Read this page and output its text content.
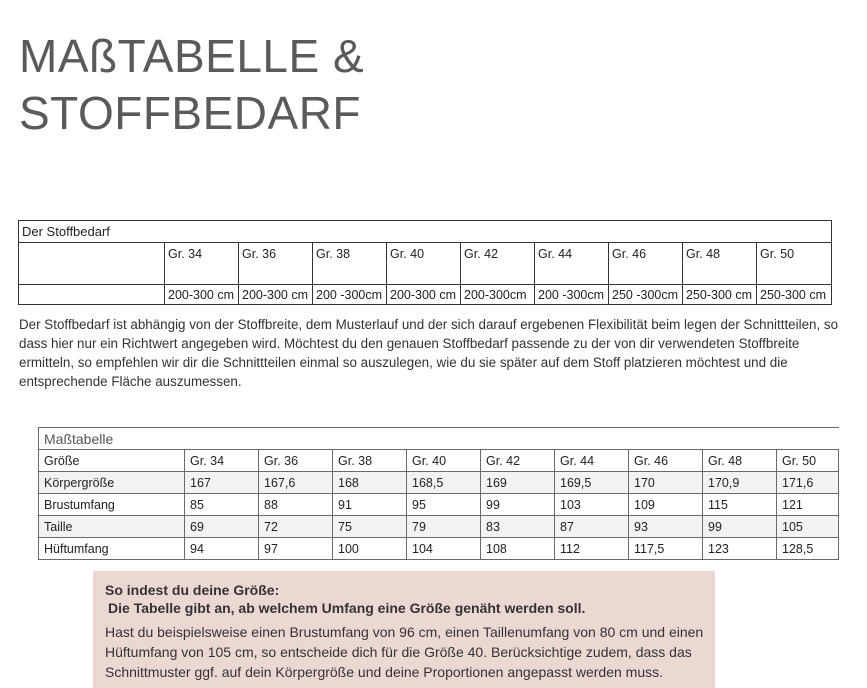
MAßTABELLE &
STOFFBEDARF
Der Stoffbedarf									
	Gr. 34	Gr. 36	Gr. 38	Gr. 40	Gr. 42	Gr. 44	Gr. 46	Gr. 48	Gr. 50
	200-300 cm	200-300 cm	200 -300cm	200-300 cm	200-300cm	200 -300cm	250 -300cm	250-300 cm	250-300 cm

Der Stoffbedarf ist abhängig von der Stoffbreite, dem Musterlauf und der sich darauf ergebenen Flexibilität beim legen der Schnittteilen, so dass hier nur ein Richtwert angegeben wird. Möchtest du den genauen Stoffbedarf passende zu der von dir verwendeten Stoffbreite ermitteln, so empfehlen wir dir die Schnittteilen einmal so auszulegen, wie du sie später auf dem Stoff platzieren möchtest und die entsprechende Fläche auszumessen.

Maßtabelle									
Größe	Gr. 34	Gr. 36	Gr. 38	Gr. 40	Gr. 42	Gr. 44	Gr. 46	Gr. 48	Gr. 50
Körpergröße	167	167,6	168	168,5	169	169,5	170	170,9	171,6
Brustumfang	85	88	91	95	99	103	109	115	121
Taille	69	72	75	79	83	87	93	99	105
Hüftumfang	94	97	100	104	108	112	117,5	123	128,5
So indest du deine Größe:
Die Tabelle gibt an, ab welchem Umfang eine Größe genäht werden soll.

Hast du beispielsweise einen Brustumfang von 96 cm, einen Taillenumfang von 80 cm und einen Hüftumfang von 105 cm, so entscheide dich für die Größe 40. Berücksichtige zudem, dass das Schnittmuster ggf. auf dein Körpergröße und deine Proportionen angepasst werden muss.
